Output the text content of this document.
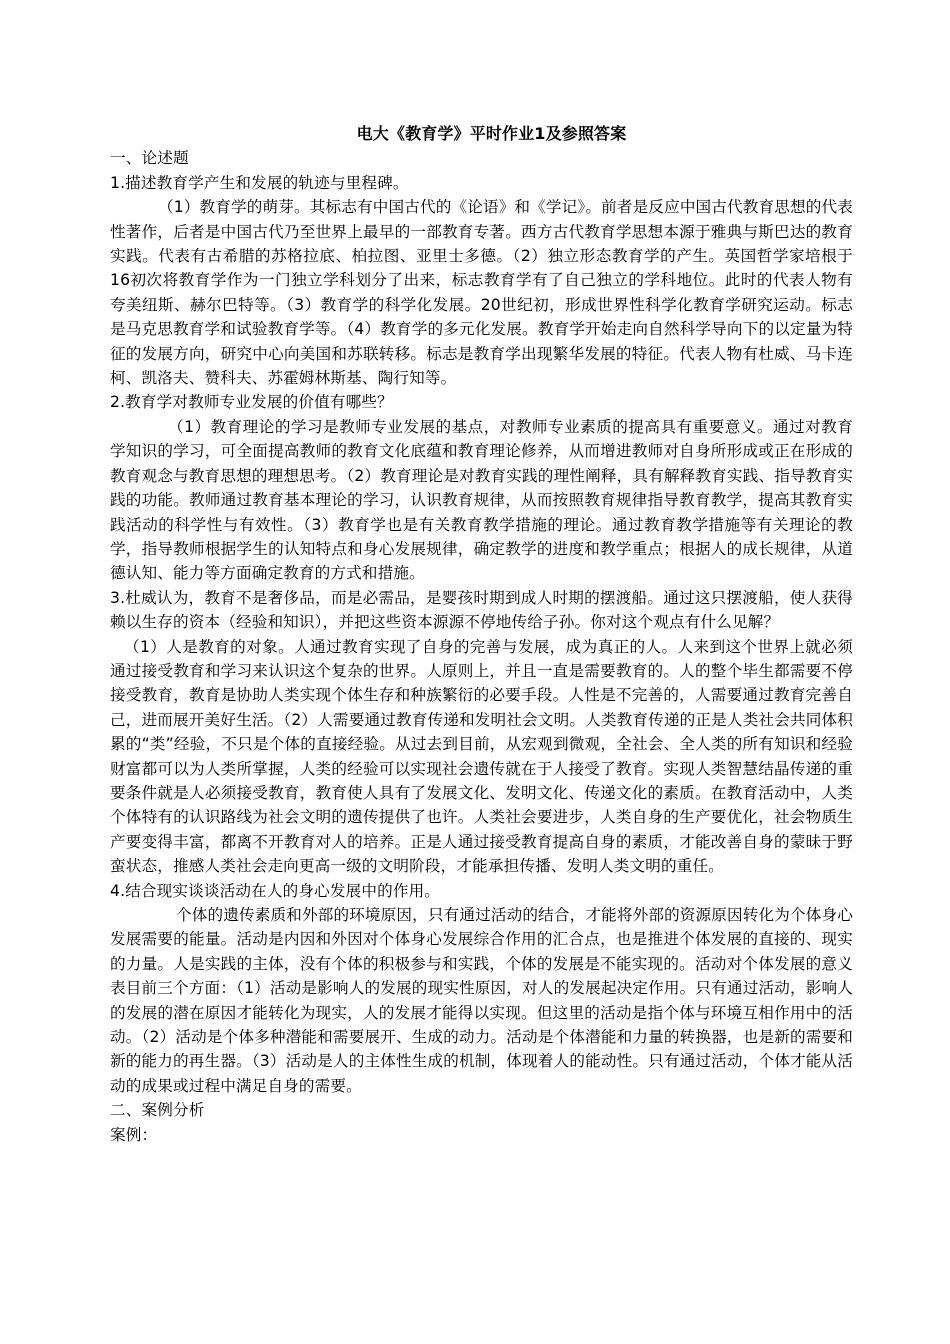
电大《教育学》平时作业1及参照答案
一、论述题
1.描述教育学产生和发展的轨迹与里程碑。
（1）教育学的萌芽。其标志有中国古代的《论语》和《学记》。前者是反应中国古代教育思想的代表性著作，后者是中国古代乃至世界上最早的一部教育专著。西方古代教育学思想本源于雅典与斯巴达的教育实践。代表有古希腊的苏格拉底、柏拉图、亚里士多德。（2）独立形态教育学的产生。英国哲学家培根于16初次将教育学作为一门独立学科划分了出来，标志教育学有了自己独立的学科地位。此时的代表人物有夸美纽斯、赫尔巴特等。（3）教育学的科学化发展。20世纪初，形成世界性科学化教育学研究运动。标志是马克思教育学和试验教育学等。（4）教育学的多元化发展。教育学开始走向自然科学导向下的以定量为特征的发展方向，研究中心向美国和苏联转移。标志是教育学出现繁华发展的特征。代表人物有杜威、马卡连柯、凯洛夫、赞科夫、苏霍姆林斯基、陶行知等。
2.教育学对教师专业发展的价值有哪些？
（1）教育理论的学习是教师专业发展的基点，对教师专业素质的提高具有重要意义。通过对教育学知识的学习，可全面提高教师的教育文化底蕴和教育理论修养，从而增进教师对自身所形成或正在形成的教育观念与教育思想的理想思考。（2）教育理论是对教育实践的理性阐释，具有解释教育实践、指导教育实践的功能。教师通过教育基本理论的学习，认识教育规律，从而按照教育规律指导教育教学，提高其教育实践活动的科学性与有效性。（3）教育学也是有关教育教学措施的理论。通过教育教学措施等有关理论的教学，指导教师根据学生的认知特点和身心发展规律，确定教学的进度和教学重点；根据人的成长规律，从道德认知、能力等方面确定教育的方式和措施。
3.杜威认为，教育不是奢侈品，而是必需品，是婴孩时期到成人时期的摆渡船。通过这只摆渡船，使人获得赖以生存的资本（经验和知识），并把这些资本源源不停地传给子孙。你对这个观点有什么见解？
（1）人是教育的对象。人通过教育实现了自身的完善与发展，成为真正的人。人来到这个世界上就必须通过接受教育和学习来认识这个复杂的世界。人原则上，并且一直是需要教育的。人的整个毕生都需要不停接受教育，教育是协助人类实现个体生存和种族繁衍的必要手段。人性是不完善的，人需要通过教育完善自己，进而展开美好生活。（2）人需要通过教育传递和发明社会文明。人类教育传递的正是人类社会共同体积累的“类”经验，不只是个体的直接经验。从过去到目前，从宏观到微观，全社会、全人类的所有知识和经验财富都可以为人类所掌握，人类的经验可以实现社会遗传就在于人接受了教育。实现人类智慧结晶传递的重要条件就是人必须接受教育，教育使人具有了发展文化、发明文化、传递文化的素质。在教育活动中，人类个体特有的认识路线为社会文明的遗传提供了也许。人类社会要进步，人类自身的生产要优化，社会物质生产要变得丰富，都离不开教育对人的培养。正是人通过接受教育提高自身的素质，才能改善自身的蒙昧于野蛮状态，推感人类社会走向更高一级的文明阶段，才能承担传播、发明人类文明的重任。
4.结合现实谈谈活动在人的身心发展中的作用。
个体的遗传素质和外部的环境原因，只有通过活动的结合，才能将外部的资源原因转化为个体身心发展需要的能量。活动是内因和外因对个体身心发展综合作用的汇合点，也是推进个体发展的直接的、现实的力量。人是实践的主体，没有个体的积极参与和实践，个体的发展是不能实现的。活动对个体发展的意义表目前三个方面：（1）活动是影响人的发展的现实性原因，对人的发展起决定作用。只有通过活动，影响人的发展的潜在原因才能转化为现实，人的发展才能得以实现。但这里的活动是指个体与环境互相作用中的活动。（2）活动是个体多种潜能和需要展开、生成的动力。活动是个体潜能和力量的转换器，也是新的需要和新的能力的再生器。（3）活动是人的主体性生成的机制，体现着人的能动性。只有通过活动，个体才能从活动的成果或过程中满足自身的需要。
二、案例分析
案例：
